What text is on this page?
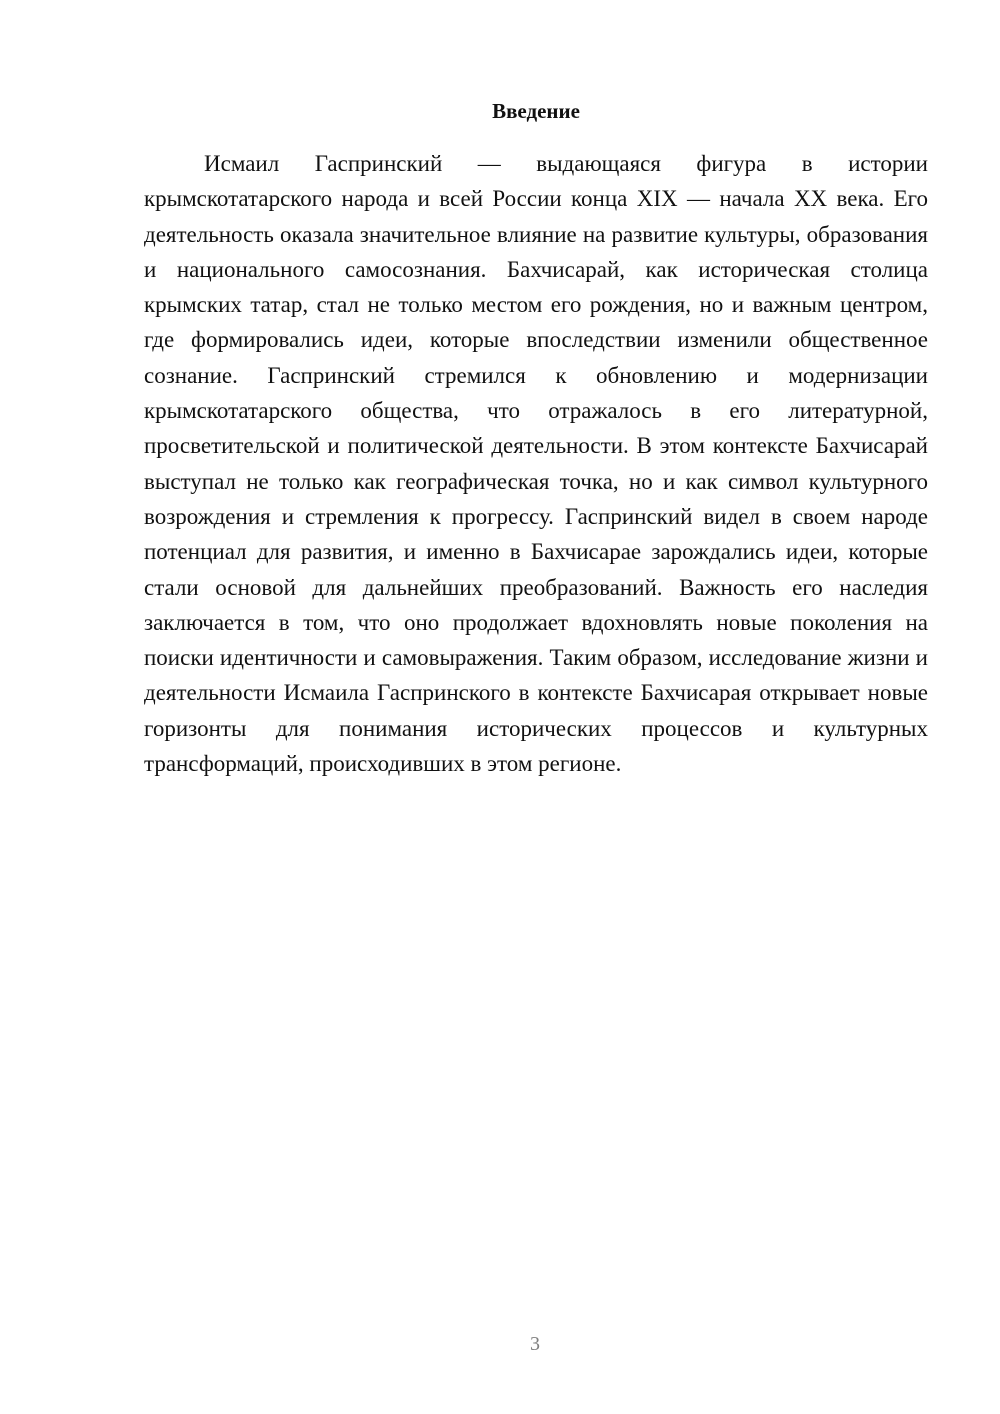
Введение

Исмаил Гаспринский — выдающаяся фигура в истории крымскотатарского народа и всей России конца XIX — начала XX века. Его деятельность оказала значительное влияние на развитие культуры, образования и национального самосознания. Бахчисарай, как историческая столица крымских татар, стал не только местом его рождения, но и важным центром, где формировались идеи, которые впоследствии изменили общественное сознание. Гаспринский стремился к обновлению и модернизации крымскотатарского общества, что отражалось в его литературной, просветительской и политической деятельности. В этом контексте Бахчисарай выступал не только как географическая точка, но и как символ культурного возрождения и стремления к прогрессу. Гаспринский видел в своем народе потенциал для развития, и именно в Бахчисарае зарождались идеи, которые стали основой для дальнейших преобразований. Важность его наследия заключается в том, что оно продолжает вдохновлять новые поколения на поиски идентичности и самовыражения. Таким образом, исследование жизни и деятельности Исмаила Гаспринского в контексте Бахчисарая открывает новые горизонты для понимания исторических процессов и культурных трансформаций, происходивших в этом регионе.

3
